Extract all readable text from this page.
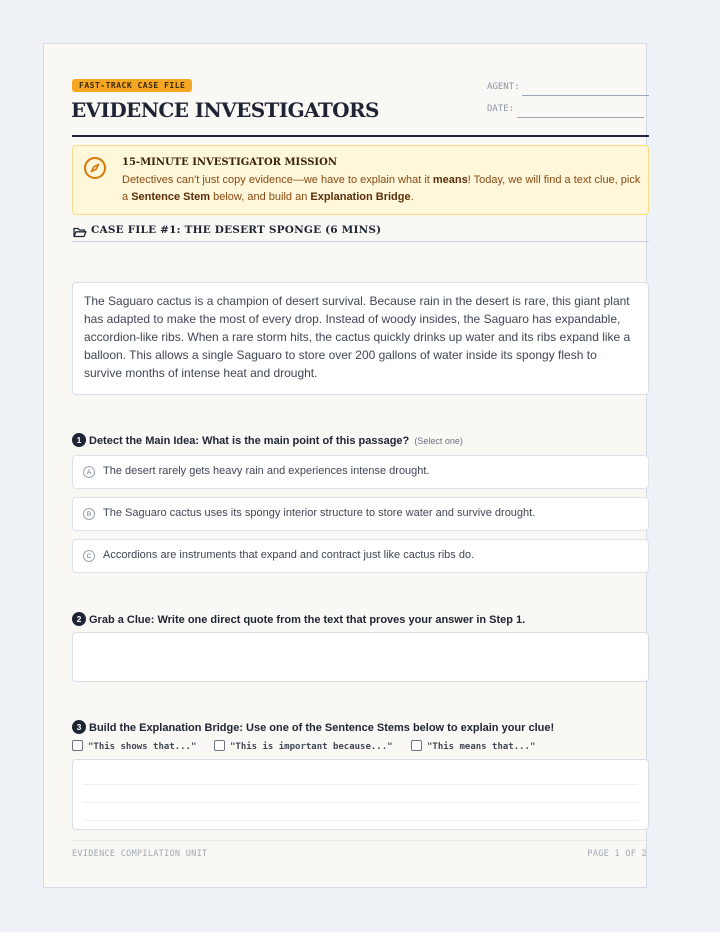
FAST-TRACK CASE FILE
EVIDENCE INVESTIGATORS
AGENT:
DATE:
15-MINUTE INVESTIGATOR MISSION
Detectives can't just copy evidence—we have to explain what it means! Today, we will find a text clue, pick a Sentence Stem below, and build an Explanation Bridge.
CASE FILE #1: THE DESERT SPONGE (6 MINS)
The Saguaro cactus is a champion of desert survival. Because rain in the desert is rare, this giant plant has adapted to make the most of every drop. Instead of woody insides, the Saguaro has expandable, accordion-like ribs. When a rare storm hits, the cactus quickly drinks up water and its ribs expand like a balloon. This allows a single Saguaro to store over 200 gallons of water inside its spongy flesh to survive months of intense heat and drought.
1 Detect the Main Idea: What is the main point of this passage? (Select one)
A	The desert rarely gets heavy rain and experiences intense drought.
B	The Saguaro cactus uses its spongy interior structure to store water and survive drought.
C	Accordions are instruments that expand and contract just like cactus ribs do.
2 Grab a Clue: Write one direct quote from the text that proves your answer in Step 1.
3 Build the Explanation Bridge: Use one of the Sentence Stems below to explain your clue!
"This shows that..."	"This is important because..."	"This means that..."
EVIDENCE COMPILATION UNIT	PAGE 1 OF 2
